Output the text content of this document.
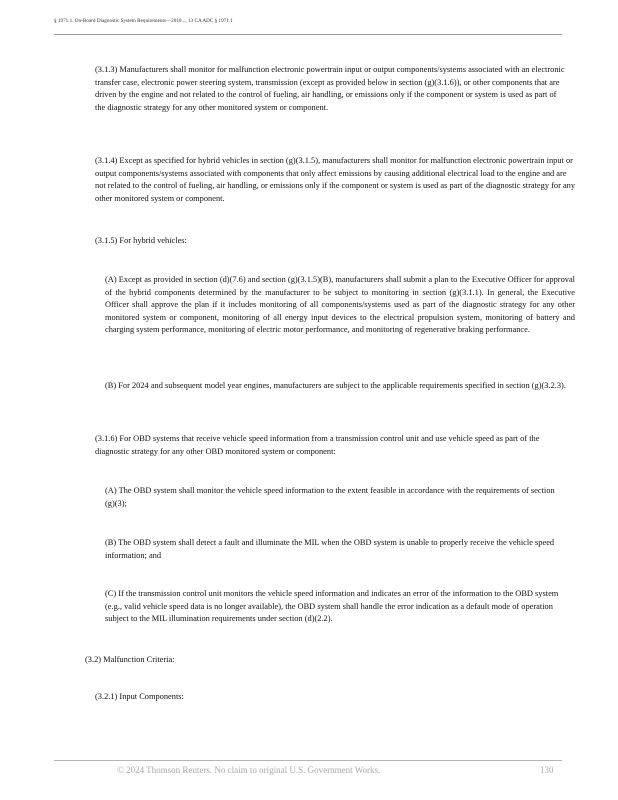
§ 1971.1. On-Board Diagnostic System Requirements—2010..., 13 CA ADC § 1971.1

(3.1.3) Manufacturers shall monitor for malfunction electronic powertrain input or output components/systems associated with an electronic transfer case, electronic power steering system, transmission (except as provided below in section (g)(3.1.6)), or other components that are driven by the engine and not related to the control of fueling, air handling, or emissions only if the component or system is used as part of the diagnostic strategy for any other monitored system or component.

(3.1.4) Except as specified for hybrid vehicles in section (g)(3.1.5), manufacturers shall monitor for malfunction electronic powertrain input or output components/systems associated with components that only affect emissions by causing additional electrical load to the engine and are not related to the control of fueling, air handling, or emissions only if the component or system is used as part of the diagnostic strategy for any other monitored system or component.

(3.1.5) For hybrid vehicles:

(A) Except as provided in section (d)(7.6) and section (g)(3.1.5)(B), manufacturers shall submit a plan to the Executive Officer for approval of the hybrid components determined by the manufacturer to be subject to monitoring in section (g)(3.1.1). In general, the Executive Officer shall approve the plan if it includes monitoring of all components/systems used as part of the diagnostic strategy for any other monitored system or component, monitoring of all energy input devices to the electrical propulsion system, monitoring of battery and charging system performance, monitoring of electric motor performance, and monitoring of regenerative braking performance.

(B) For 2024 and subsequent model year engines, manufacturers are subject to the applicable requirements specified in section (g)(3.2.3).

(3.1.6) For OBD systems that receive vehicle speed information from a transmission control unit and use vehicle speed as part of the diagnostic strategy for any other OBD monitored system or component:

(A) The OBD system shall monitor the vehicle speed information to the extent feasible in accordance with the requirements of section (g)(3);

(B) The OBD system shall detect a fault and illuminate the MIL when the OBD system is unable to properly receive the vehicle speed information; and

(C) If the transmission control unit monitors the vehicle speed information and indicates an error of the information to the OBD system (e.g., valid vehicle speed data is no longer available), the OBD system shall handle the error indication as a default mode of operation subject to the MIL illumination requirements under section (d)(2.2).

(3.2) Malfunction Criteria:

(3.2.1) Input Components:

© 2024 Thomson Reuters. No claim to original U.S. Government Works.	130
